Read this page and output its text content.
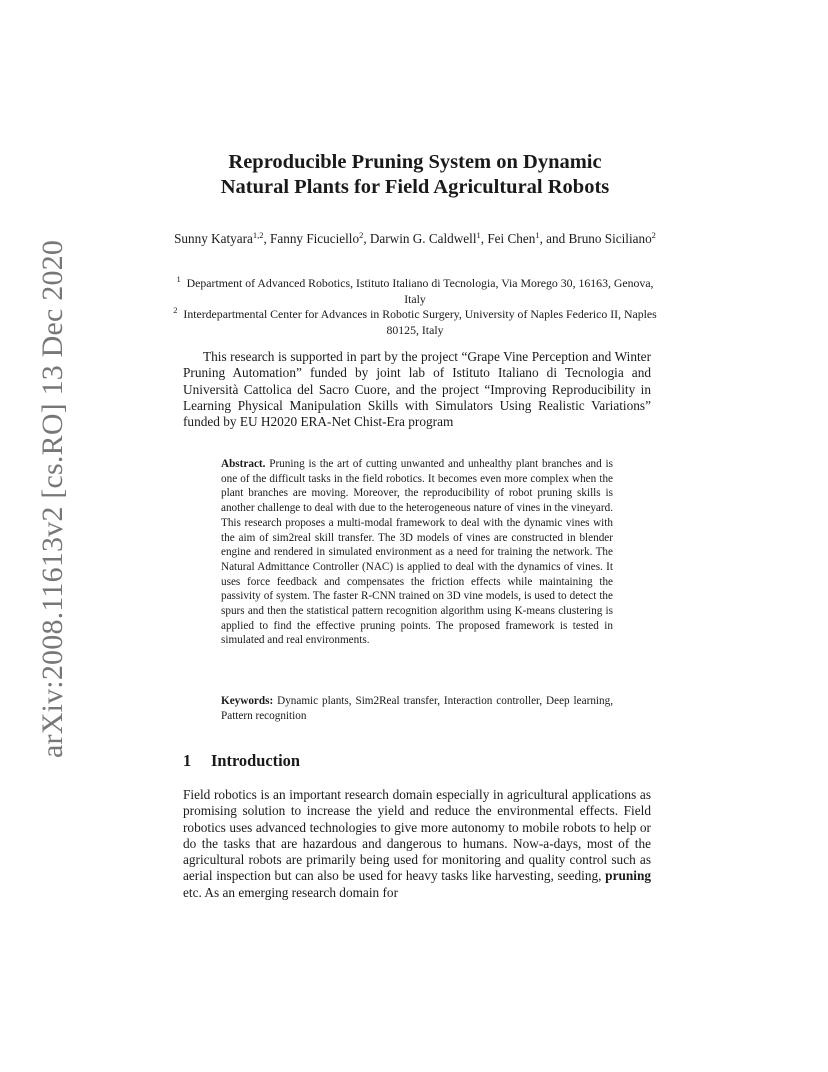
arXiv:2008.11613v2 [cs.RO] 13 Dec 2020
Reproducible Pruning System on Dynamic
Natural Plants for Field Agricultural Robots
Sunny Katyara$^{1,2}$, Fanny Ficuciello$^2$, Darwin G. Caldwell$^1$, Fei Chen$^1$, and Bruno Siciliano$^2$
$^1$ Department of Advanced Robotics, Istituto Italiano di Tecnologia, Via Morego 30, 16163, Genova, Italy
$^2$ Interdepartmental Center for Advances in Robotic Surgery, University of Naples Federico II, Naples 80125, Italy
This research is supported in part by the project “Grape Vine Perception and Winter Pruning Automation” funded by joint lab of Istituto Italiano di Tecnologia and Università Cattolica del Sacro Cuore, and the project “Improving Reproducibility in Learning Physical Manipulation Skills with Simulators Using Realistic Variations” funded by EU H2020 ERA-Net Chist-Era program
Abstract. Pruning is the art of cutting unwanted and unhealthy plant branches and is one of the difficult tasks in the field robotics. It becomes even more complex when the plant branches are moving. Moreover, the reproducibility of robot pruning skills is another challenge to deal with due to the heterogeneous nature of vines in the vineyard. This research proposes a multi-modal framework to deal with the dynamic vines with the aim of sim2real skill transfer. The 3D models of vines are constructed in blender engine and rendered in simulated environment as a need for training the network. The Natural Admittance Controller (NAC) is applied to deal with the dynamics of vines. It uses force feedback and compensates the friction effects while maintaining the passivity of system. The faster R-CNN trained on 3D vine models, is used to detect the spurs and then the statistical pattern recognition algorithm using K-means clustering is applied to find the effective pruning points. The proposed framework is tested in simulated and real environments.
Keywords: Dynamic plants, Sim2Real transfer, Interaction controller, Deep learning, Pattern recognition
1 Introduction
Field robotics is an important research domain especially in agricultural applications as promising solution to increase the yield and reduce the environmental effects. Field robotics uses advanced technologies to give more autonomy to mobile robots to help or do the tasks that are hazardous and dangerous to humans. Now-a-days, most of the agricultural robots are primarily being used for monitoring and quality control such as aerial inspection but can also be used for heavy tasks like harvesting, seeding, pruning etc. As an emerging research domain for
